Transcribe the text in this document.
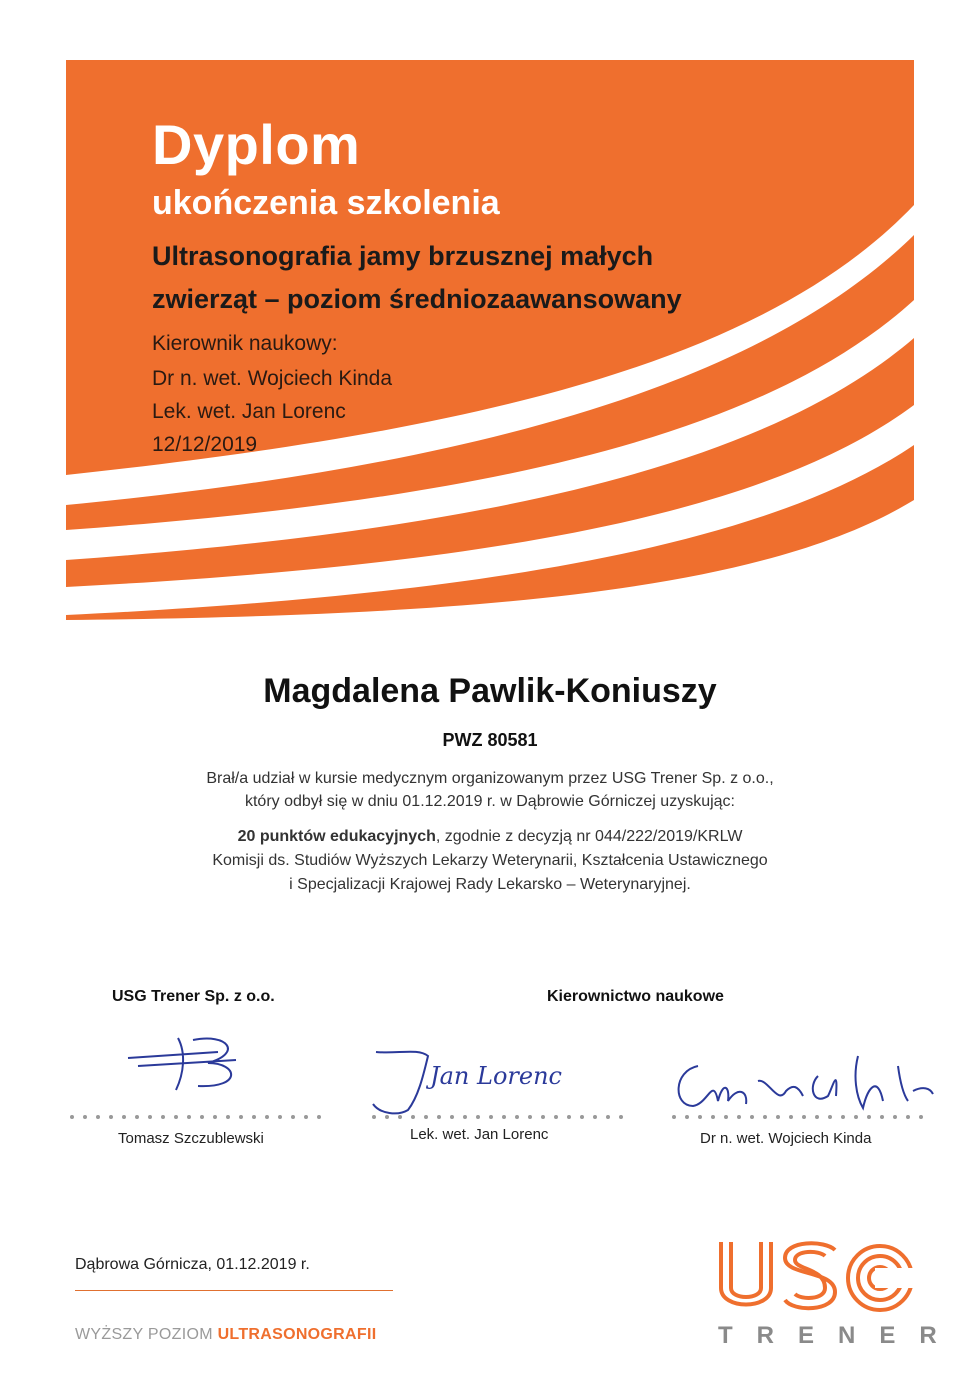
Dyplom
ukończenia szkolenia
Ultrasonografia jamy brzusznej małych
zwierząt – poziom średniozaawansowany
Kierownik naukowy:
Dr n. wet. Wojciech Kinda
Lek. wet. Jan Lorenc
12/12/2019
Magdalena Pawlik-Koniuszy
PWZ 80581
Brał/a udział w kursie medycznym organizowanym przez USG Trener Sp. z o.o.,
który odbył się w dniu 01.12.2019 r. w Dąbrowie Górniczej uzyskując:
20 punktów edukacyjnych, zgodnie z decyzją nr 044/222/2019/KRLW
Komisji ds. Studiów Wyższych Lekarzy Weterynarii, Kształcenia Ustawicznego
i Specjalizacji Krajowej Rady Lekarsko – Weterynaryjnej.
USG Trener Sp. z o.o.	Kierownictwo naukowe
Jan Lorenc
Tomasz Szczublewski	Lek. wet. Jan Lorenc	Dr n. wet. Wojciech Kinda
Dąbrowa Górnicza, 01.12.2019 r.
WYŻSZY POZIOM ULTRASONOGRAFII	TRENER
